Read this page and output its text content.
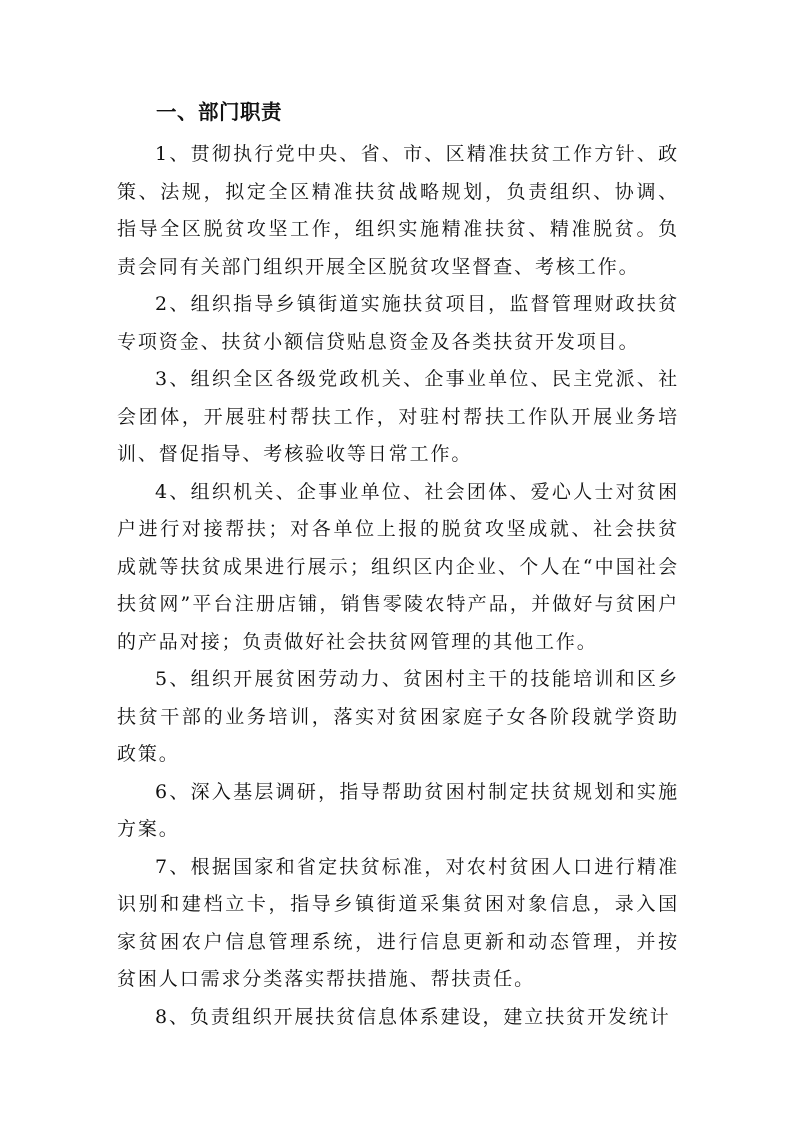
一、部门职责

1、贯彻执行党中央、省、市、区精准扶贫工作方针、政策、法规，拟定全区精准扶贫战略规划，负责组织、协调、指导全区脱贫攻坚工作，组织实施精准扶贫、精准脱贫。负责会同有关部门组织开展全区脱贫攻坚督查、考核工作。

2、组织指导乡镇街道实施扶贫项目，监督管理财政扶贫专项资金、扶贫小额信贷贴息资金及各类扶贫开发项目。

3、组织全区各级党政机关、企事业单位、民主党派、社会团体，开展驻村帮扶工作，对驻村帮扶工作队开展业务培训、督促指导、考核验收等日常工作。

4、组织机关、企事业单位、社会团体、爱心人士对贫困户进行对接帮扶；对各单位上报的脱贫攻坚成就、社会扶贫成就等扶贫成果进行展示；组织区内企业、个人在“中国社会扶贫网”平台注册店铺，销售零陵农特产品，并做好与贫困户的产品对接；负责做好社会扶贫网管理的其他工作。

5、组织开展贫困劳动力、贫困村主干的技能培训和区乡扶贫干部的业务培训，落实对贫困家庭子女各阶段就学资助政策。

6、深入基层调研，指导帮助贫困村制定扶贫规划和实施方案。

7、根据国家和省定扶贫标准，对农村贫困人口进行精准识别和建档立卡，指导乡镇街道采集贫困对象信息，录入国家贫困农户信息管理系统，进行信息更新和动态管理，并按贫困人口需求分类落实帮扶措施、帮扶责任。

8、负责组织开展扶贫信息体系建设，建立扶贫开发统计
